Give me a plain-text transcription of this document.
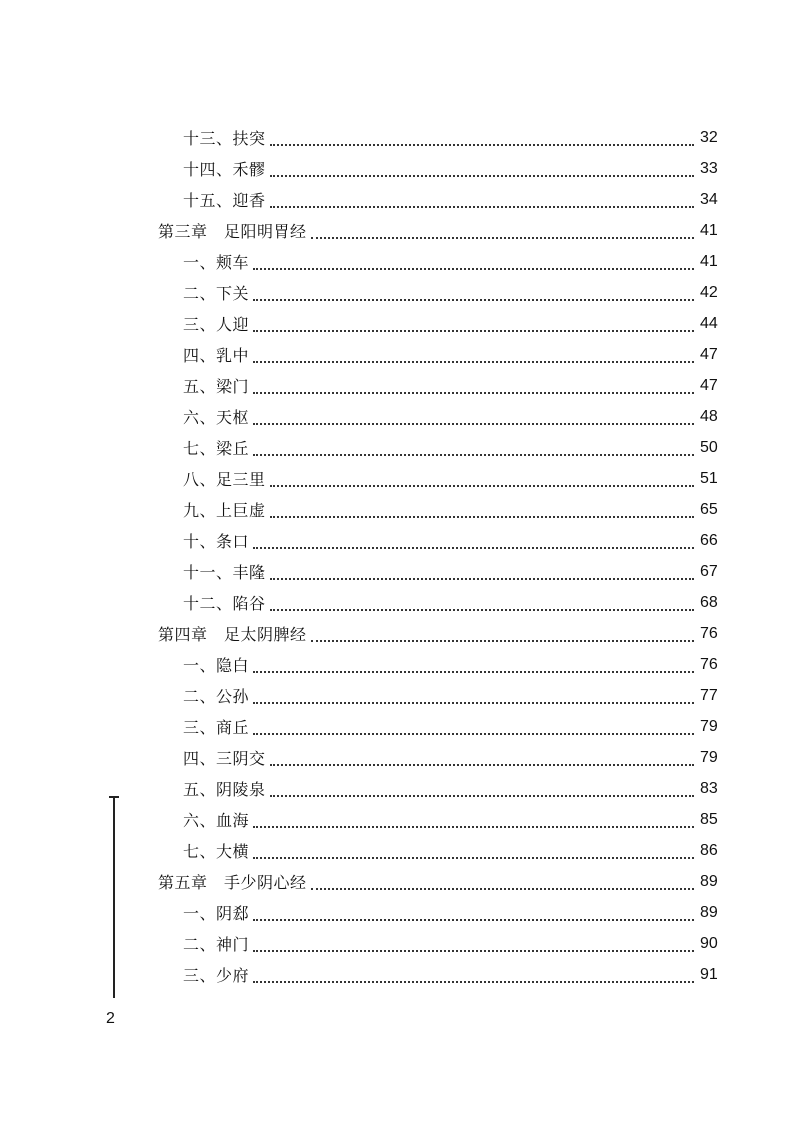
十三、扶突	32
十四、禾髎	33
十五、迎香	34
第三章　足阳明胃经	41
一、颊车	41
二、下关	42
三、人迎	44
四、乳中	47
五、梁门	47
六、天枢	48
七、梁丘	50
八、足三里	51
九、上巨虚	65
十、条口	66
十一、丰隆	67
十二、陷谷	68
第四章　足太阴脾经	76
一、隐白	76
二、公孙	77
三、商丘	79
四、三阴交	79
五、阴陵泉	83
六、血海	85
七、大横	86
第五章　手少阴心经	89
一、阴郄	89
二、神门	90
三、少府	91
2
